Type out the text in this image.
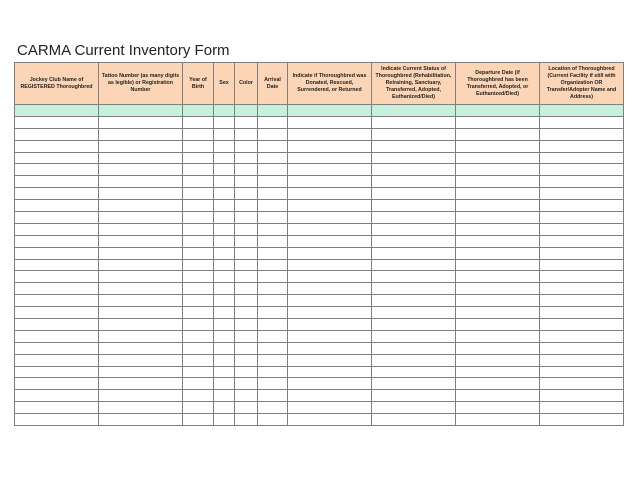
CARMA Current Inventory Form
Jockey Club Name of REGISTERED Thoroughbred	Tattoo Number (as many digits as legible) or Registration Number	Year of Birth	Sex	Color	Arrival Date	Indicate if Thoroughbred was Donated, Rescued, Surrendered, or Returned	Indicate Current Status of Thoroughbred (Rehabilitation, Retraining, Sanctuary, Transferred, Adopted, Euthanized/Died)	Departure Date (if Thoroughbred has been Transferred, Adopted, or Euthanized/Died)	Location of Thoroughbred (Current Facility if still with Organization OR Transfer/Adopter Name and Address)
